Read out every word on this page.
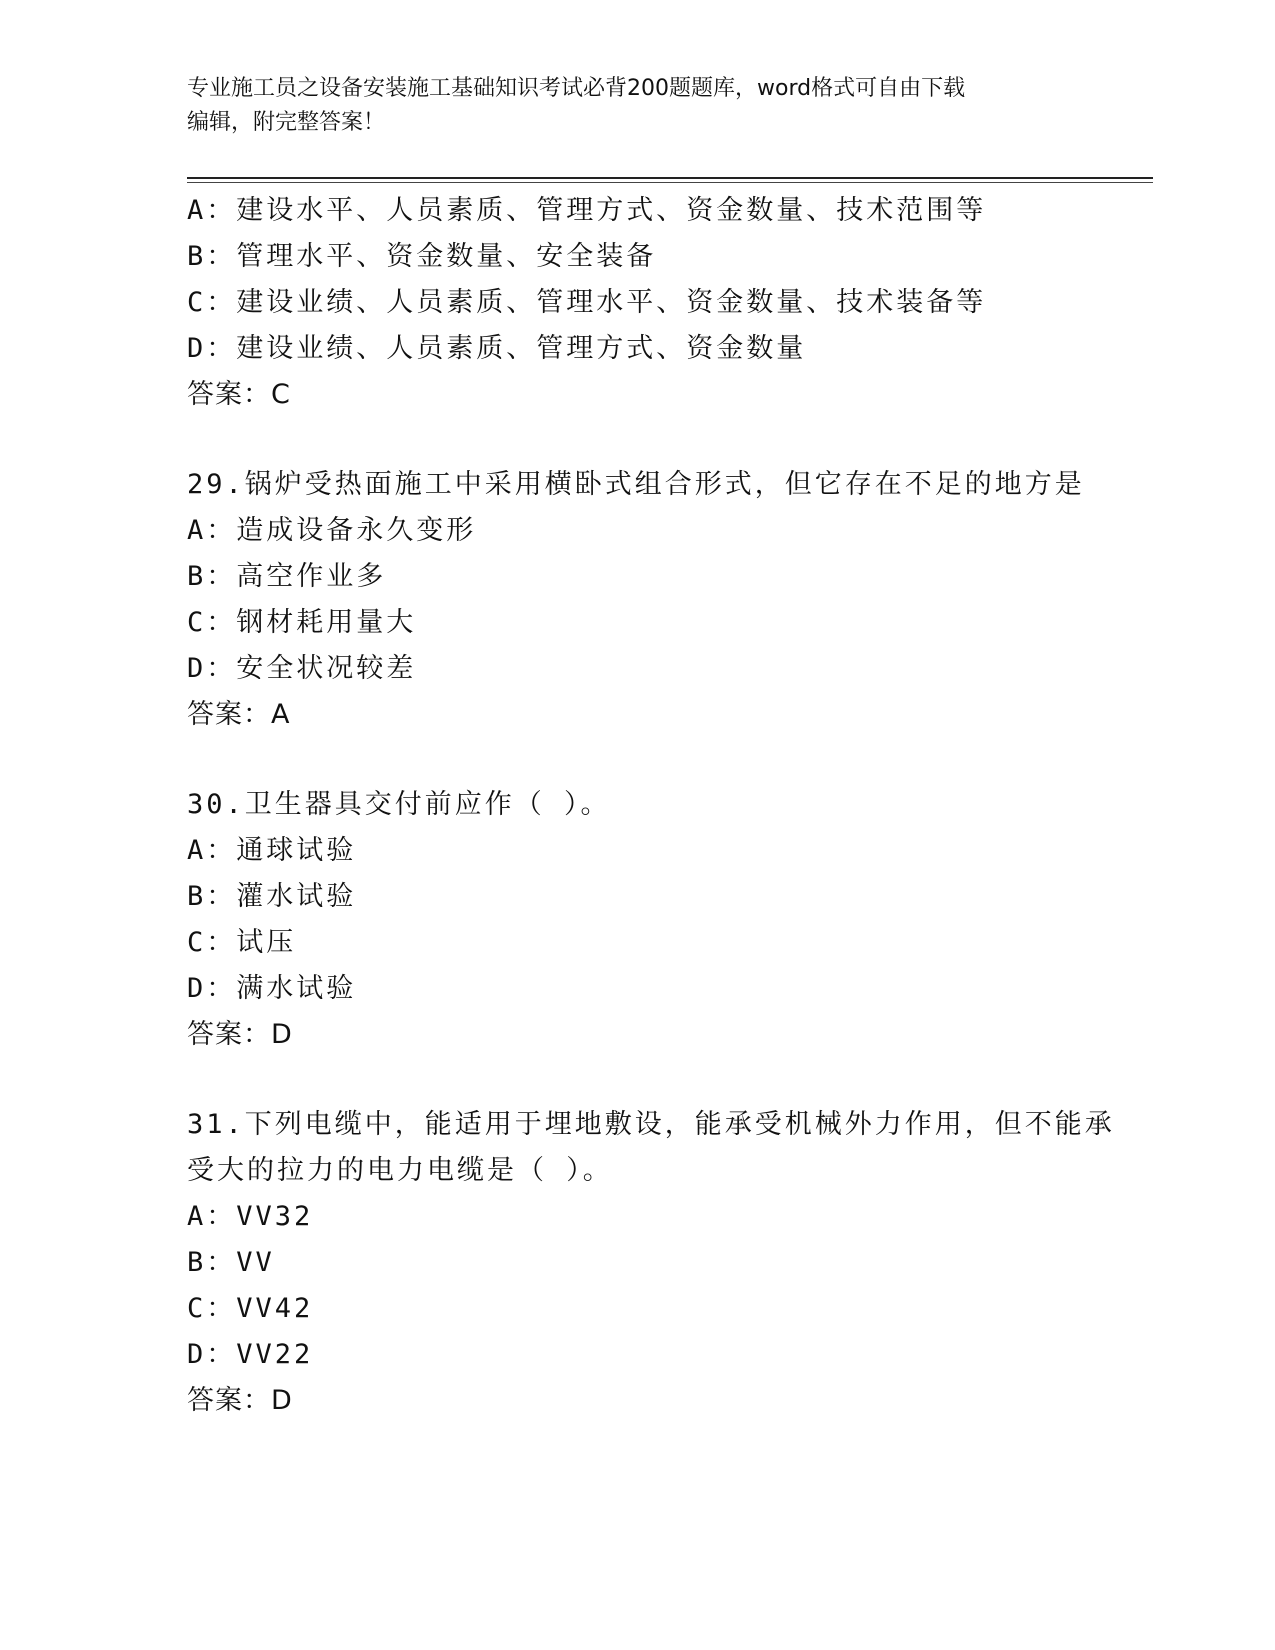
专业施工员之设备安装施工基础知识考试必背200题题库，word格式可自由下载
编辑，附完整答案！
A：建设水平、人员素质、管理方式、资金数量、技术范围等
B：管理水平、资金数量、安全装备
C：建设业绩、人员素质、管理水平、资金数量、技术装备等
D：建设业绩、人员素质、管理方式、资金数量
答案：C
29.锅炉受热面施工中采用横卧式组合形式，但它存在不足的地方是
A：造成设备永久变形
B：高空作业多
C：钢材耗用量大
D：安全状况较差
答案：A
30.卫生器具交付前应作（ ）。
A：通球试验
B：灌水试验
C：试压
D：满水试验
答案：D
31.下列电缆中，能适用于埋地敷设，能承受机械外力作用，但不能承
受大的拉力的电力电缆是（ ）。
A：VV32
B：VV
C：VV42
D：VV22
答案：D
